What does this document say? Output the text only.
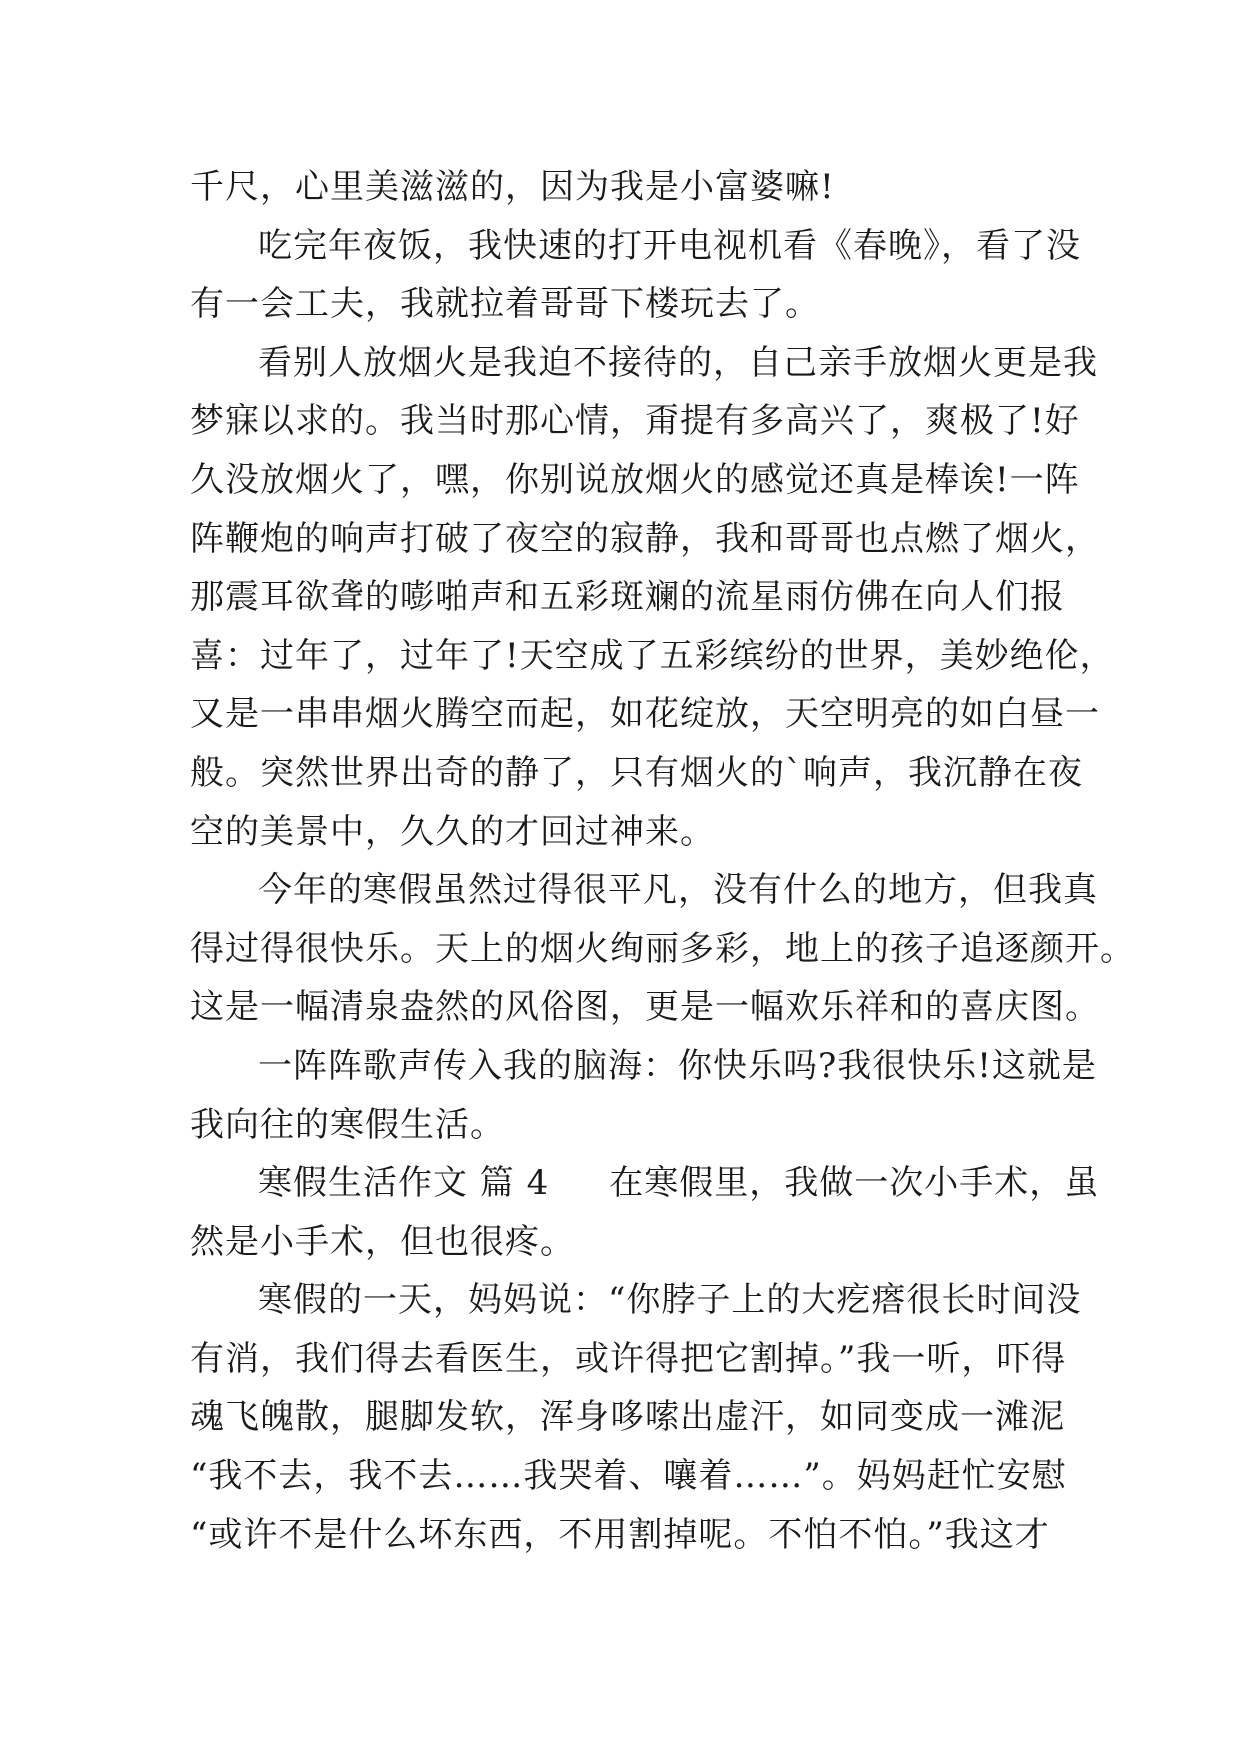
千尺，心里美滋滋的，因为我是小富婆嘛!
吃完年夜饭，我快速的打开电视机看《春晚》，看了没
有一会工夫，我就拉着哥哥下楼玩去了。
看别人放烟火是我迫不接待的，自己亲手放烟火更是我
梦寐以求的。我当时那心情，甭提有多高兴了，爽极了!好
久没放烟火了，嘿，你别说放烟火的感觉还真是棒诶!一阵
阵鞭炮的响声打破了夜空的寂静，我和哥哥也点燃了烟火，
那震耳欲聋的嘭啪声和五彩斑斓的流星雨仿佛在向人们报
喜：过年了，过年了!天空成了五彩缤纷的世界，美妙绝伦，
又是一串串烟火腾空而起，如花绽放，天空明亮的如白昼一
般。突然世界出奇的静了，只有烟火的`响声，我沉静在夜
空的美景中，久久的才回过神来。
今年的寒假虽然过得很平凡，没有什么的地方，但我真
得过得很快乐。天上的烟火绚丽多彩，地上的孩子追逐颜开。
这是一幅清泉盎然的风俗图，更是一幅欢乐祥和的喜庆图。
一阵阵歌声传入我的脑海：你快乐吗?我很快乐!这就是
我向往的寒假生活。
寒假生活作文 篇 4 在寒假里，我做一次小手术，虽
然是小手术，但也很疼。
寒假的一天，妈妈说：“你脖子上的大疙瘩很长时间没
有消，我们得去看医生，或许得把它割掉。”我一听，吓得
魂飞魄散，腿脚发软，浑身哆嗦出虚汗，如同变成一滩泥
“我不去，我不去……我哭着、嚷着……”。妈妈赶忙安慰
“或许不是什么坏东西，不用割掉呢。不怕不怕。”我这才
